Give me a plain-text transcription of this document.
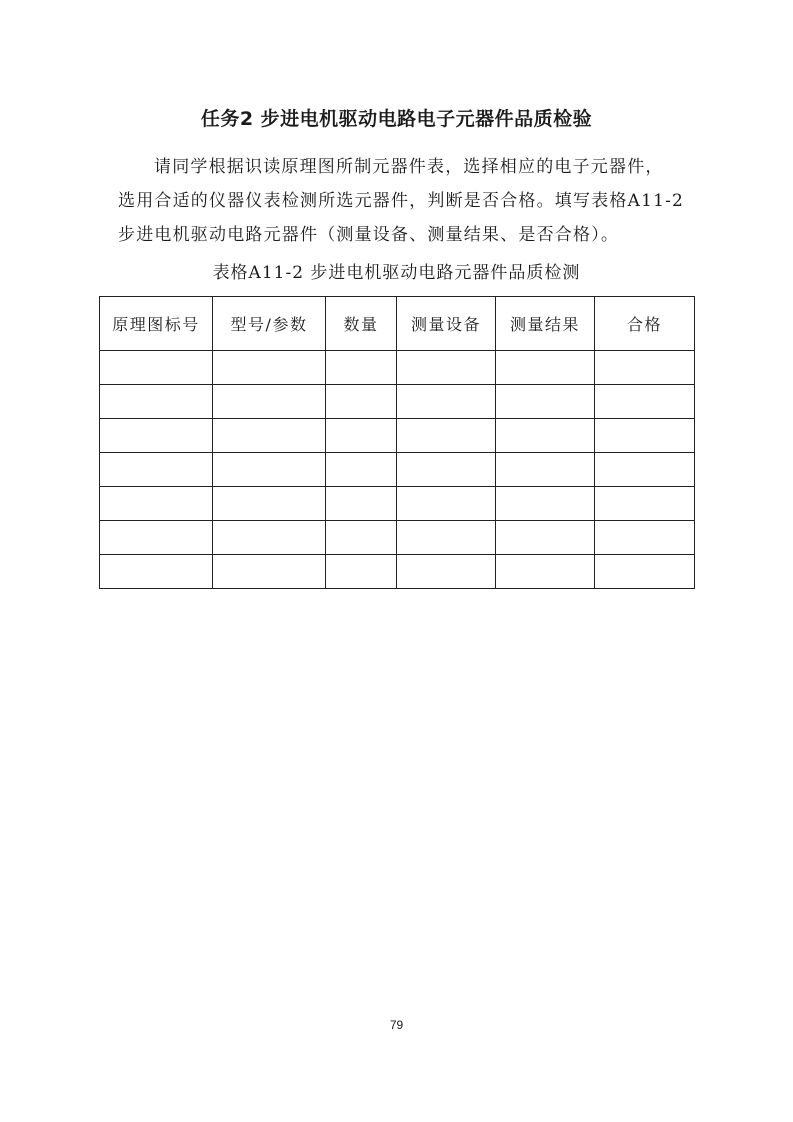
任务2 步进电机驱动电路电子元器件品质检验
请同学根据识读原理图所制元器件表，选择相应的电子元器件，
选用合适的仪器仪表检测所选元器件，判断是否合格。填写表格A11-2
步进电机驱动电路元器件（测量设备、测量结果、是否合格）。
表格A11-2 步进电机驱动电路元器件品质检测
原理图标号	型号/参数	数量	测量设备	测量结果	合格

79
